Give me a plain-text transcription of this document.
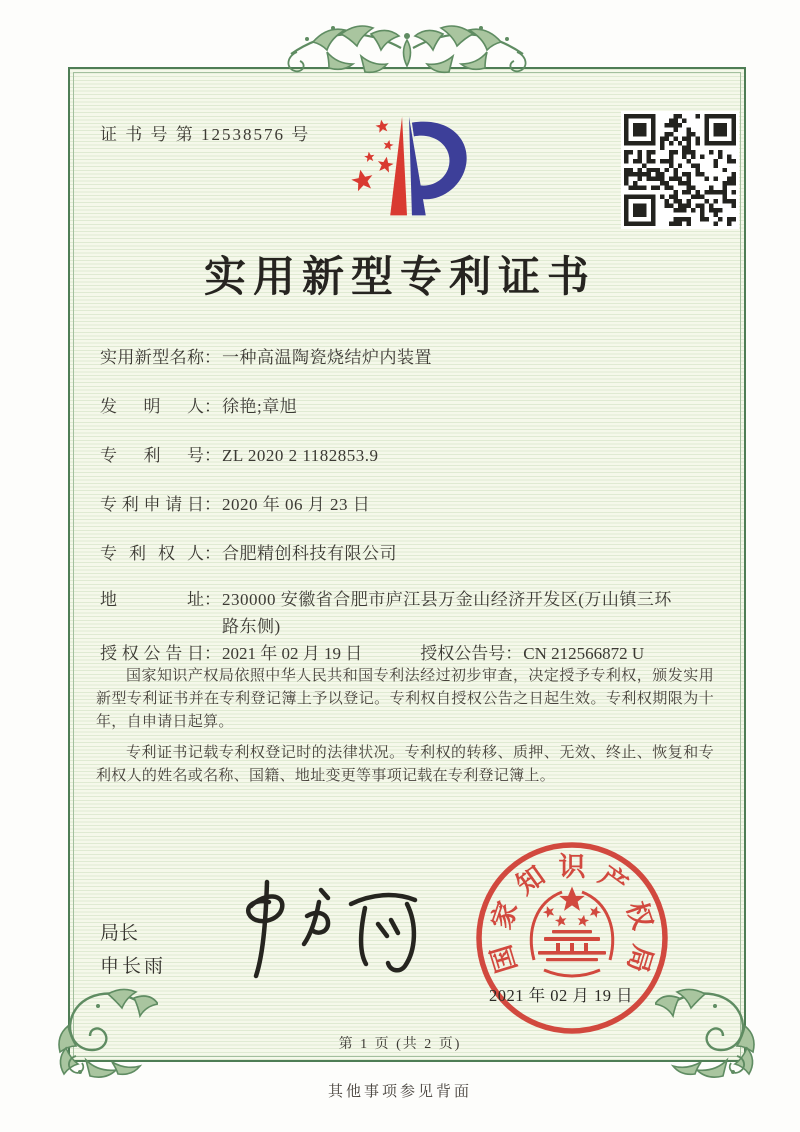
证 书 号 第 12538576 号
实用新型专利证书
实用新型名称 ： 一种高温陶瓷烧结炉内装置
发明人 ： 徐艳;章旭
专利号 ： ZL 2020 2 1182853.9
专利申请日 ： 2020 年 06 月 23 日
专利权人 ： 合肥精创科技有限公司
地址 ： 230000 安徽省合肥市庐江县万金山经济开发区(万山镇三环路东侧)
授权公告日 ： 2021 年 02 月 19 日	授权公告号 ： CN 212566872 U

国家知识产权局依照中华人民共和国专利法经过初步审查，决定授予专利权，颁发实用新型专利证书并在专利登记簿上予以登记。专利权自授权公告之日起生效。专利权期限为十年，自申请日起算。

专利证书记载专利权登记时的法律状况。专利权的转移、质押、无效、终止、恢复和专利权人的姓名或名称、国籍、地址变更等事项记载在专利登记簿上。

局长
申长雨	国
家
知 识 产
权
局
2021 年 02 月 19 日
第 1 页 (共 2 页)
其他事项参见背面
